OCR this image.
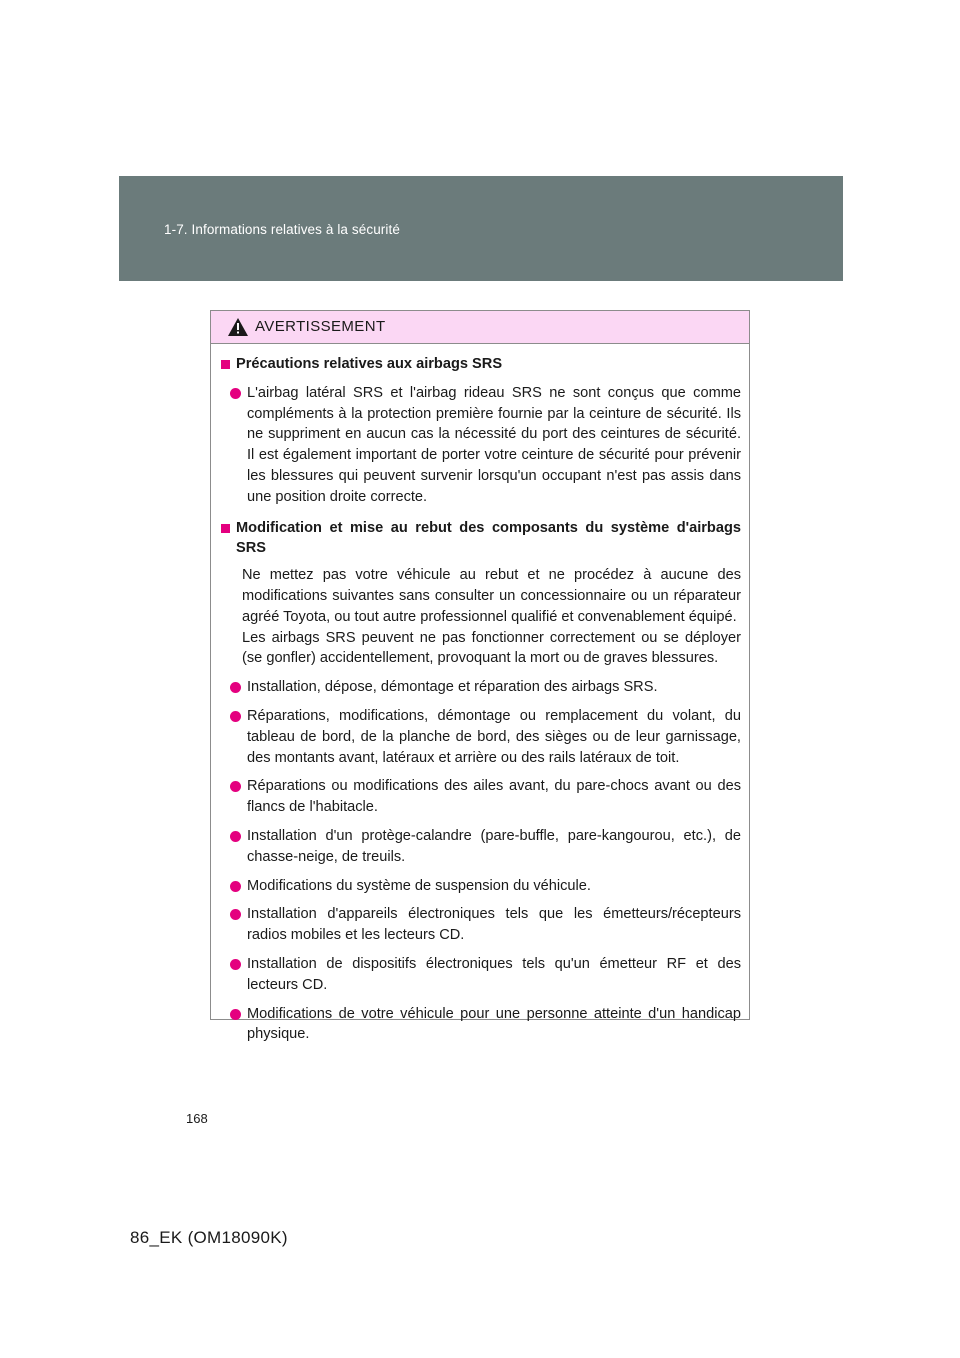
1-7. Informations relatives à la sécurité
AVERTISSEMENT
Précautions relatives aux airbags SRS
L'airbag latéral SRS et l'airbag rideau SRS ne sont conçus que comme compléments à la protection première fournie par la ceinture de sécurité. Ils ne suppriment en aucun cas la nécessité du port des ceintures de sécurité. Il est également important de porter votre ceinture de sécurité pour prévenir les blessures qui peuvent survenir lorsqu'un occupant n'est pas assis dans une position droite correcte.
Modification et mise au rebut des composants du système d'airbags SRS
Ne mettez pas votre véhicule au rebut et ne procédez à aucune des modifications suivantes sans consulter un concessionnaire ou un réparateur agréé Toyota, ou tout autre professionnel qualifié et convenablement équipé.
Les airbags SRS peuvent ne pas fonctionner correctement ou se déployer (se gonfler) accidentellement, provoquant la mort ou de graves blessures.
Installation, dépose, démontage et réparation des airbags SRS.
Réparations, modifications, démontage ou remplacement du volant, du tableau de bord, de la planche de bord, des sièges ou de leur garnissage, des montants avant, latéraux et arrière ou des rails latéraux de toit.
Réparations ou modifications des ailes avant, du pare-chocs avant ou des flancs de l'habitacle.
Installation d'un protège-calandre (pare-buffle, pare-kangourou, etc.), de chasse-neige, de treuils.
Modifications du système de suspension du véhicule.
Installation d'appareils électroniques tels que les émetteurs/récepteurs radios mobiles et les lecteurs CD.
Installation de dispositifs électroniques tels qu'un émetteur RF et des lecteurs CD.
Modifications de votre véhicule pour une personne atteinte d'un handicap physique.
168
86_EK (OM18090K)
